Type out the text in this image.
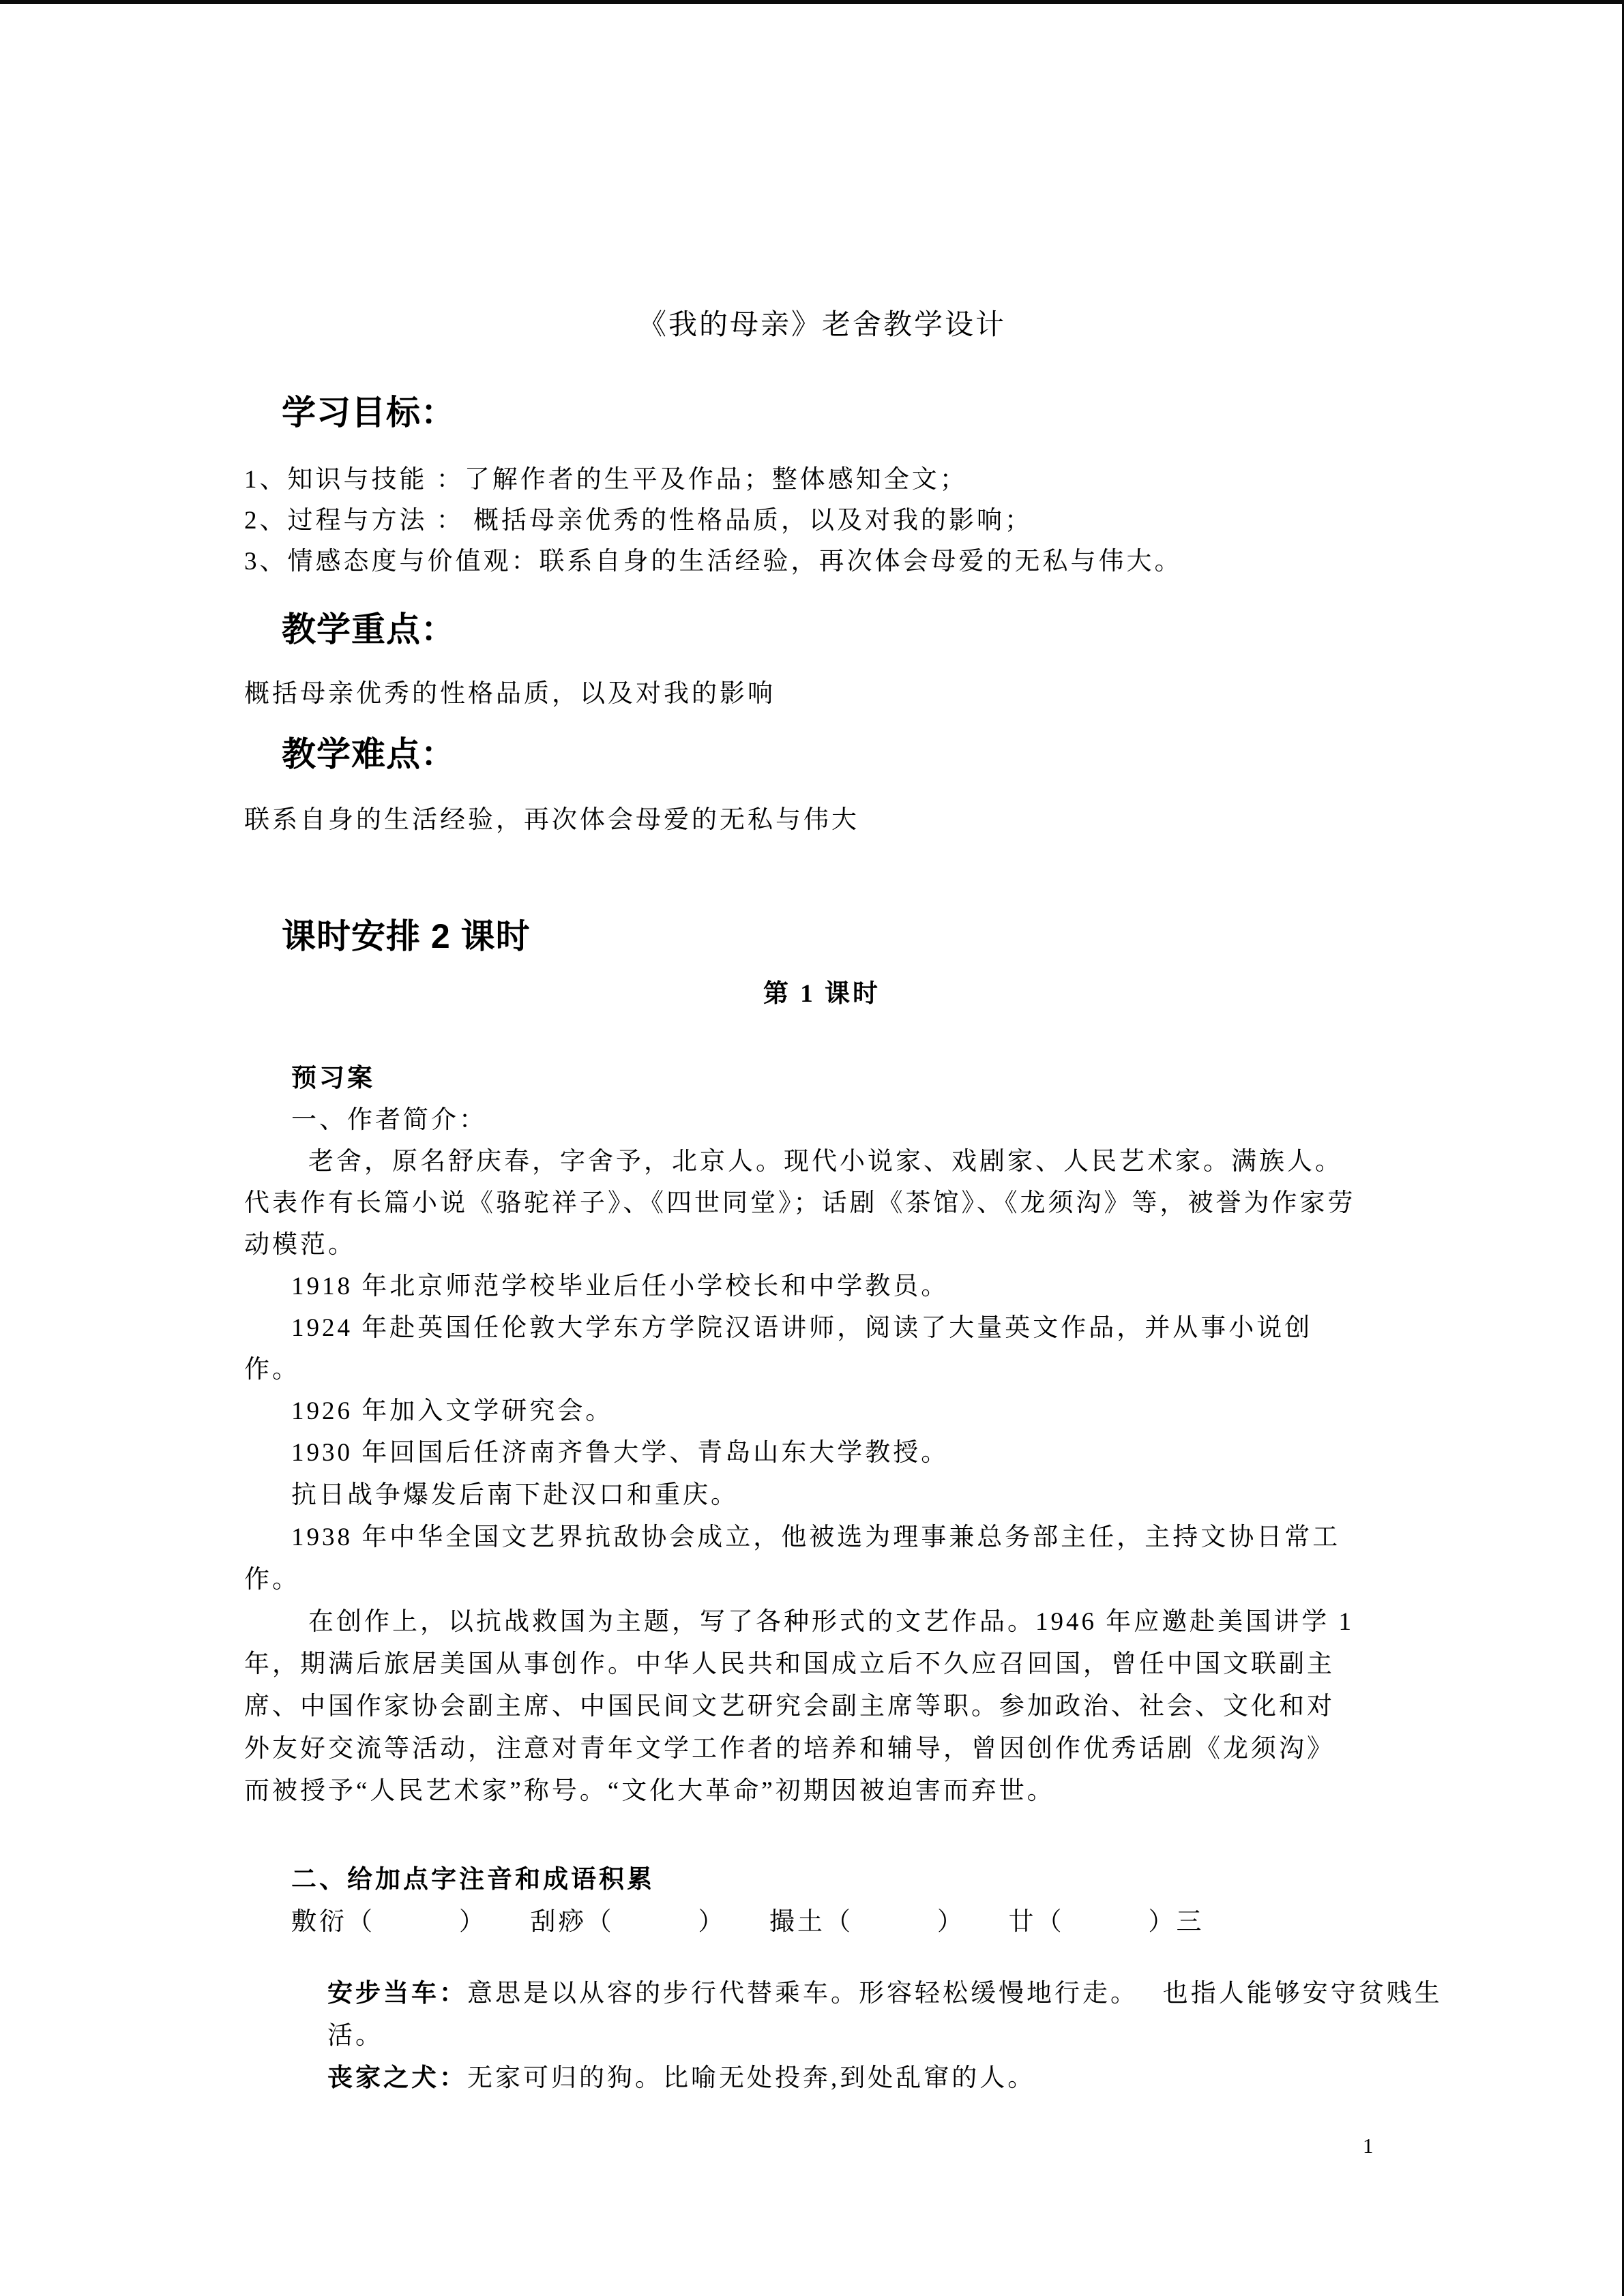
《我的母亲》老舍教学设计
学习目标：
1、知识与技能 ：了解作者的生平及作品；整体感知全文；
2、过程与方法 ： 概括母亲优秀的性格品质，以及对我的影响；
3、情感态度与价值观：联系自身的生活经验，再次体会母爱的无私与伟大。
教学重点：
概括母亲优秀的性格品质，以及对我的影响
教学难点：
联系自身的生活经验，再次体会母爱的无私与伟大
课时安排 2 课时
第 1 课时
预习案
一、作者简介：
老舍，原名舒庆春，字舍予，北京人。现代小说家、戏剧家、人民艺术家。满族人。
代表作有长篇小说《骆驼祥子》、《四世同堂》；话剧《茶馆》、《龙须沟》等，被誉为作家劳
动模范。
1918 年北京师范学校毕业后任小学校长和中学教员。
1924 年赴英国任伦敦大学东方学院汉语讲师，阅读了大量英文作品，并从事小说创
作。
1926 年加入文学研究会。
1930 年回国后任济南齐鲁大学、青岛山东大学教授。
抗日战争爆发后南下赴汉口和重庆。
1938 年中华全国文艺界抗敌协会成立，他被选为理事兼总务部主任，主持文协日常工
作。
在创作上，以抗战救国为主题，写了各种形式的文艺作品。1946 年应邀赴美国讲学 1
年，期满后旅居美国从事创作。中华人民共和国成立后不久应召回国，曾任中国文联副主
席、中国作家协会副主席、中国民间文艺研究会副主席等职。参加政治、社会、文化和对
外友好交流等活动，注意对青年文学工作者的培养和辅导，曾因创作优秀话剧《龙须沟》
而被授予“人民艺术家”称号。“文化大革命”初期因被迫害而弃世。
二、给加点字注音和成语积累
敷衍（　　　）　　刮痧（　　　）　　撮土（　　　）　　廿（　　　）三

安步当车：意思是以从容的步行代替乘车。形容轻松缓慢地行走。　 也指人能够安守贫贱生

活。

丧家之犬：无家可归的狗。比喻无处投奔,到处乱窜的人。

1
